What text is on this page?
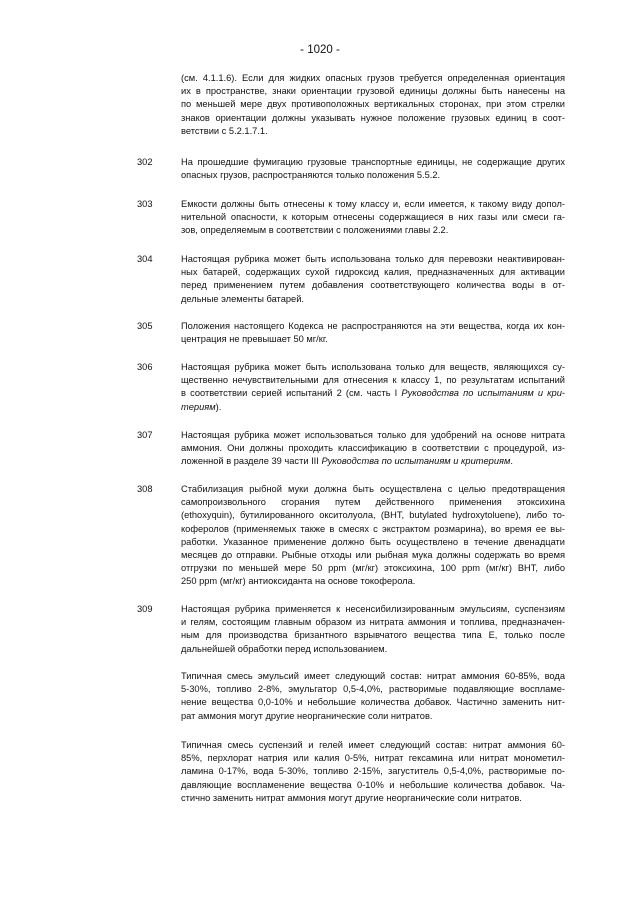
- 1020 -
(см. 4.1.1.6). Если для жидких опасных грузов требуется определенная ориентация
их в пространстве, знаки ориентации грузовой единицы должны быть нанесены на
по меньшей мере двух противоположных вертикальных сторонах, при этом стрелки
знаков ориентации должны указывать нужное положение грузовых единиц в соот-
ветствии с 5.2.1.7.1.
302	На прошедшие фумигацию грузовые транспортные единицы, не содержащие других
опасных грузов, распространяются только положения 5.5.2.
303	Емкости должны быть отнесены к тому классу и, если имеется, к такому виду допол-
нительной опасности, к которым отнесены содержащиеся в них газы или смеси га-
зов, определяемым в соответствии с положениями главы 2.2.
304	Настоящая рубрика может быть использована только для перевозки неактивирован-
ных батарей, содержащих сухой гидроксид калия, предназначенных для активации
перед применением путем добавления соответствующего количества воды в от-
дельные элементы батарей.
305	Положения настоящего Кодекса не распространяются на эти вещества, когда их кон-
центрация не превышает 50 мг/кг.
306	Настоящая рубрика может быть использована только для веществ, являющихся су-
щественно нечувствительными для отнесения к классу 1, по результатам испытаний
в соответствии серией испытаний 2 (см. часть I Руководства по испытаниям и кри-
териям).
307	Настоящая рубрика может использоваться только для удобрений на основе нитрата
аммония. Они должны проходить классификацию в соответствии с процедурой, из-
ложенной в разделе 39 части III Руководства по испытаниям и критериям.
308	Стабилизация рыбной муки должна быть осуществлена с целью предотвращения
самопроизвольного сгорания путем действенного применения этоксихина
(ethoxyquin), бутилированного окситолуола, (BHT, butylated hydroxytoluene), либо то-
коферолов (применяемых также в смесях с экстрактом розмарина), во время ее вы-
работки. Указанное применение должно быть осуществлено в течение двенадцати
месяцев до отправки. Рыбные отходы или рыбная мука должны содержать во время
отгрузки по меньшей мере 50 ppm (мг/кг) этоксихина, 100 ppm (мг/кг) BHT, либо
250 ppm (мг/кг) антиоксиданта на основе токоферола.
309	Настоящая рубрика применяется к несенсибилизированным эмульсиям, суспензиям
и гелям, состоящим главным образом из нитрата аммония и топлива, предназначен-
ным для производства бризантного взрывчатого вещества типа Е, только после
дальнейшей обработки перед использованием.
Типичная смесь эмульсий имеет следующий состав: нитрат аммония 60-85%, вода
5-30%, топливо 2-8%, эмульгатор 0,5-4,0%, растворимые подавляющие воспламе-
нение вещества 0,0-10% и небольшие количества добавок. Частично заменить нит-
рат аммония могут другие неорганические соли нитратов.
Типичная смесь суспензий и гелей имеет следующий состав: нитрат аммония 60-
85%, перхлорат натрия или калия 0-5%, нитрат гексамина или нитрат монометил-
ламина 0-17%, вода 5-30%, топливо 2-15%, загуститель 0,5-4,0%, растворимые по-
давляющие воспламенение вещества 0-10% и небольшие количества добавок. Ча-
стично заменить нитрат аммония могут другие неорганические соли нитратов.
